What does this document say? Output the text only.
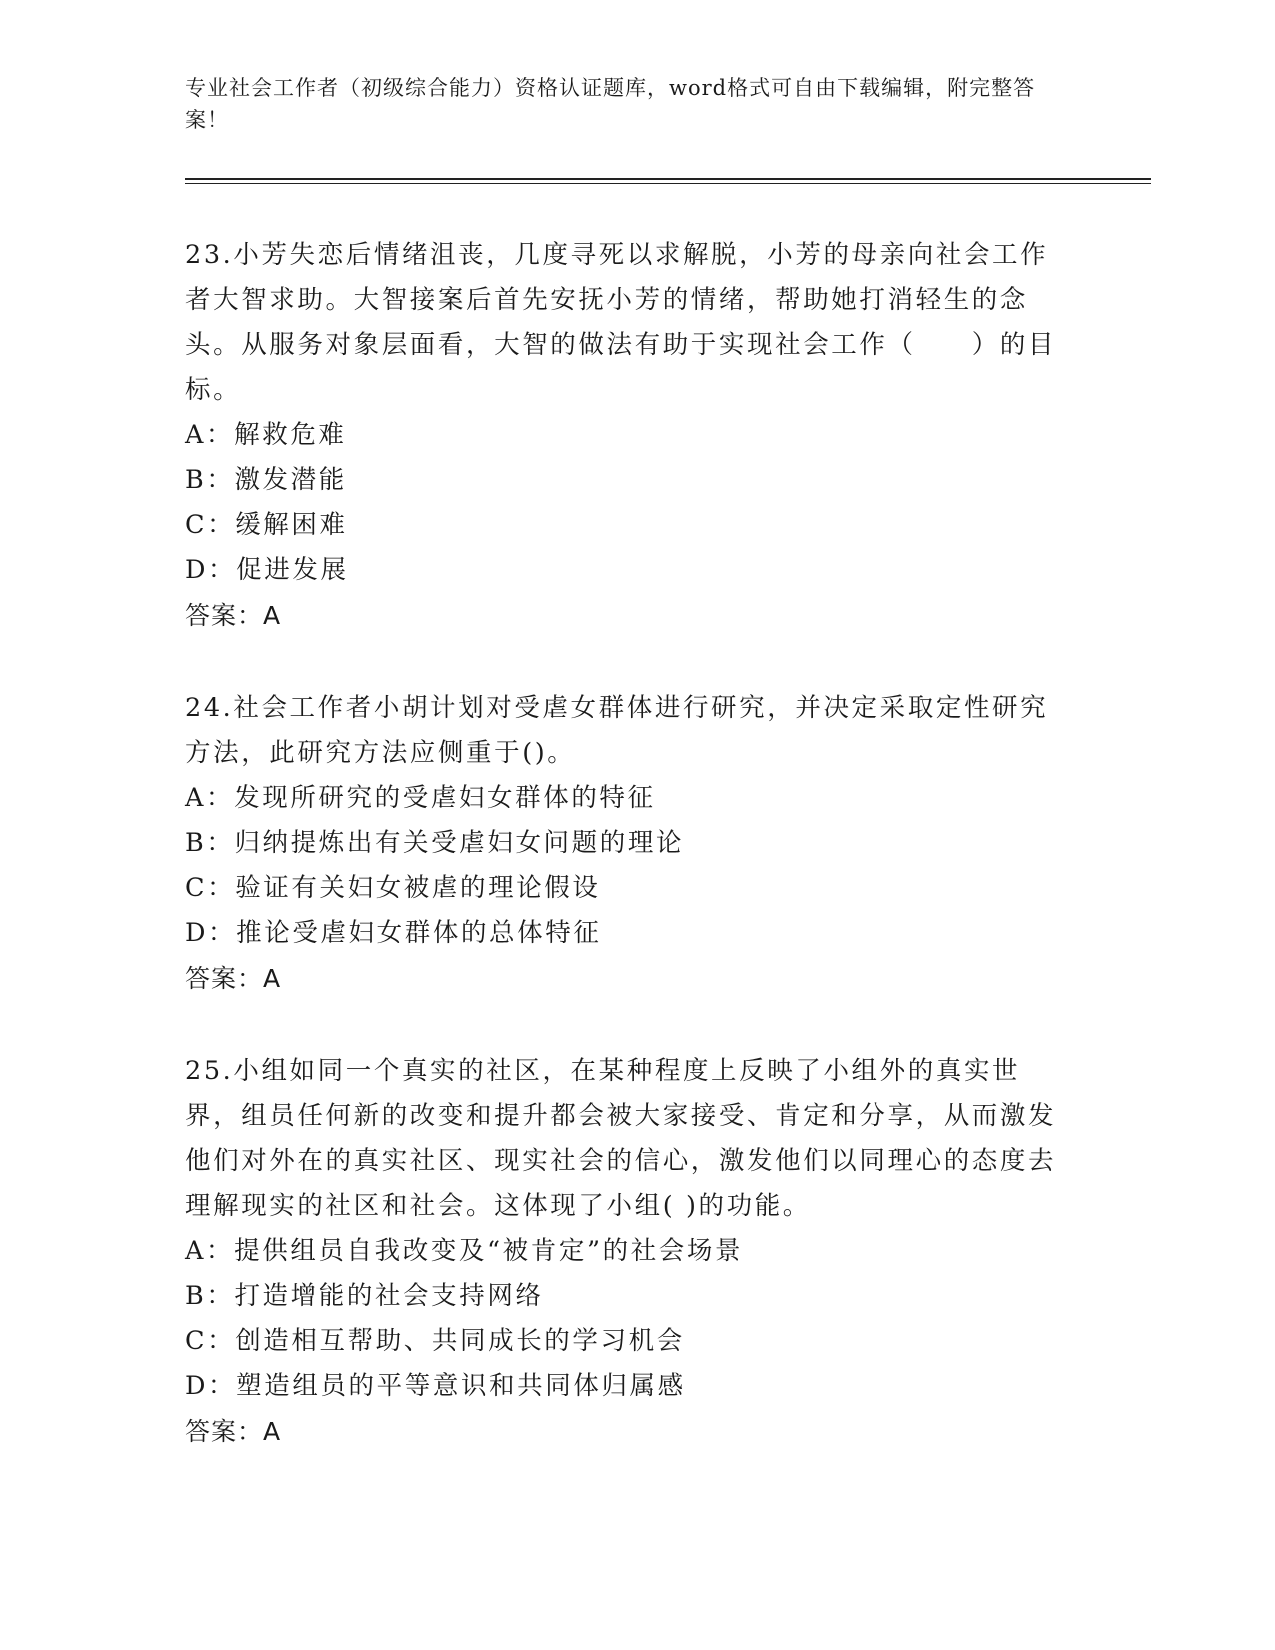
专业社会工作者（初级综合能力）资格认证题库，word格式可自由下载编辑，附完整答案！
23.小芳失恋后情绪沮丧，几度寻死以求解脱，小芳的母亲向社会工作者大智求助。大智接案后首先安抚小芳的情绪，帮助她打消轻生的念头。从服务对象层面看，大智的做法有助于实现社会工作（　　）的目标。
A：解救危难
B：激发潜能
C：缓解困难
D：促进发展
答案：A
24.社会工作者小胡计划对受虐女群体进行研究，并决定采取定性研究方法，此研究方法应侧重于()。
A：发现所研究的受虐妇女群体的特征
B：归纳提炼出有关受虐妇女问题的理论
C：验证有关妇女被虐的理论假设
D：推论受虐妇女群体的总体特征
答案：A
25.小组如同一个真实的社区，在某种程度上反映了小组外的真实世界，组员任何新的改变和提升都会被大家接受、肯定和分享，从而激发他们对外在的真实社区、现实社会的信心，激发他们以同理心的态度去理解现实的社区和社会。这体现了小组( )的功能。
A：提供组员自我改变及“被肯定”的社会场景
B：打造增能的社会支持网络
C：创造相互帮助、共同成长的学习机会
D：塑造组员的平等意识和共同体归属感
答案：A
